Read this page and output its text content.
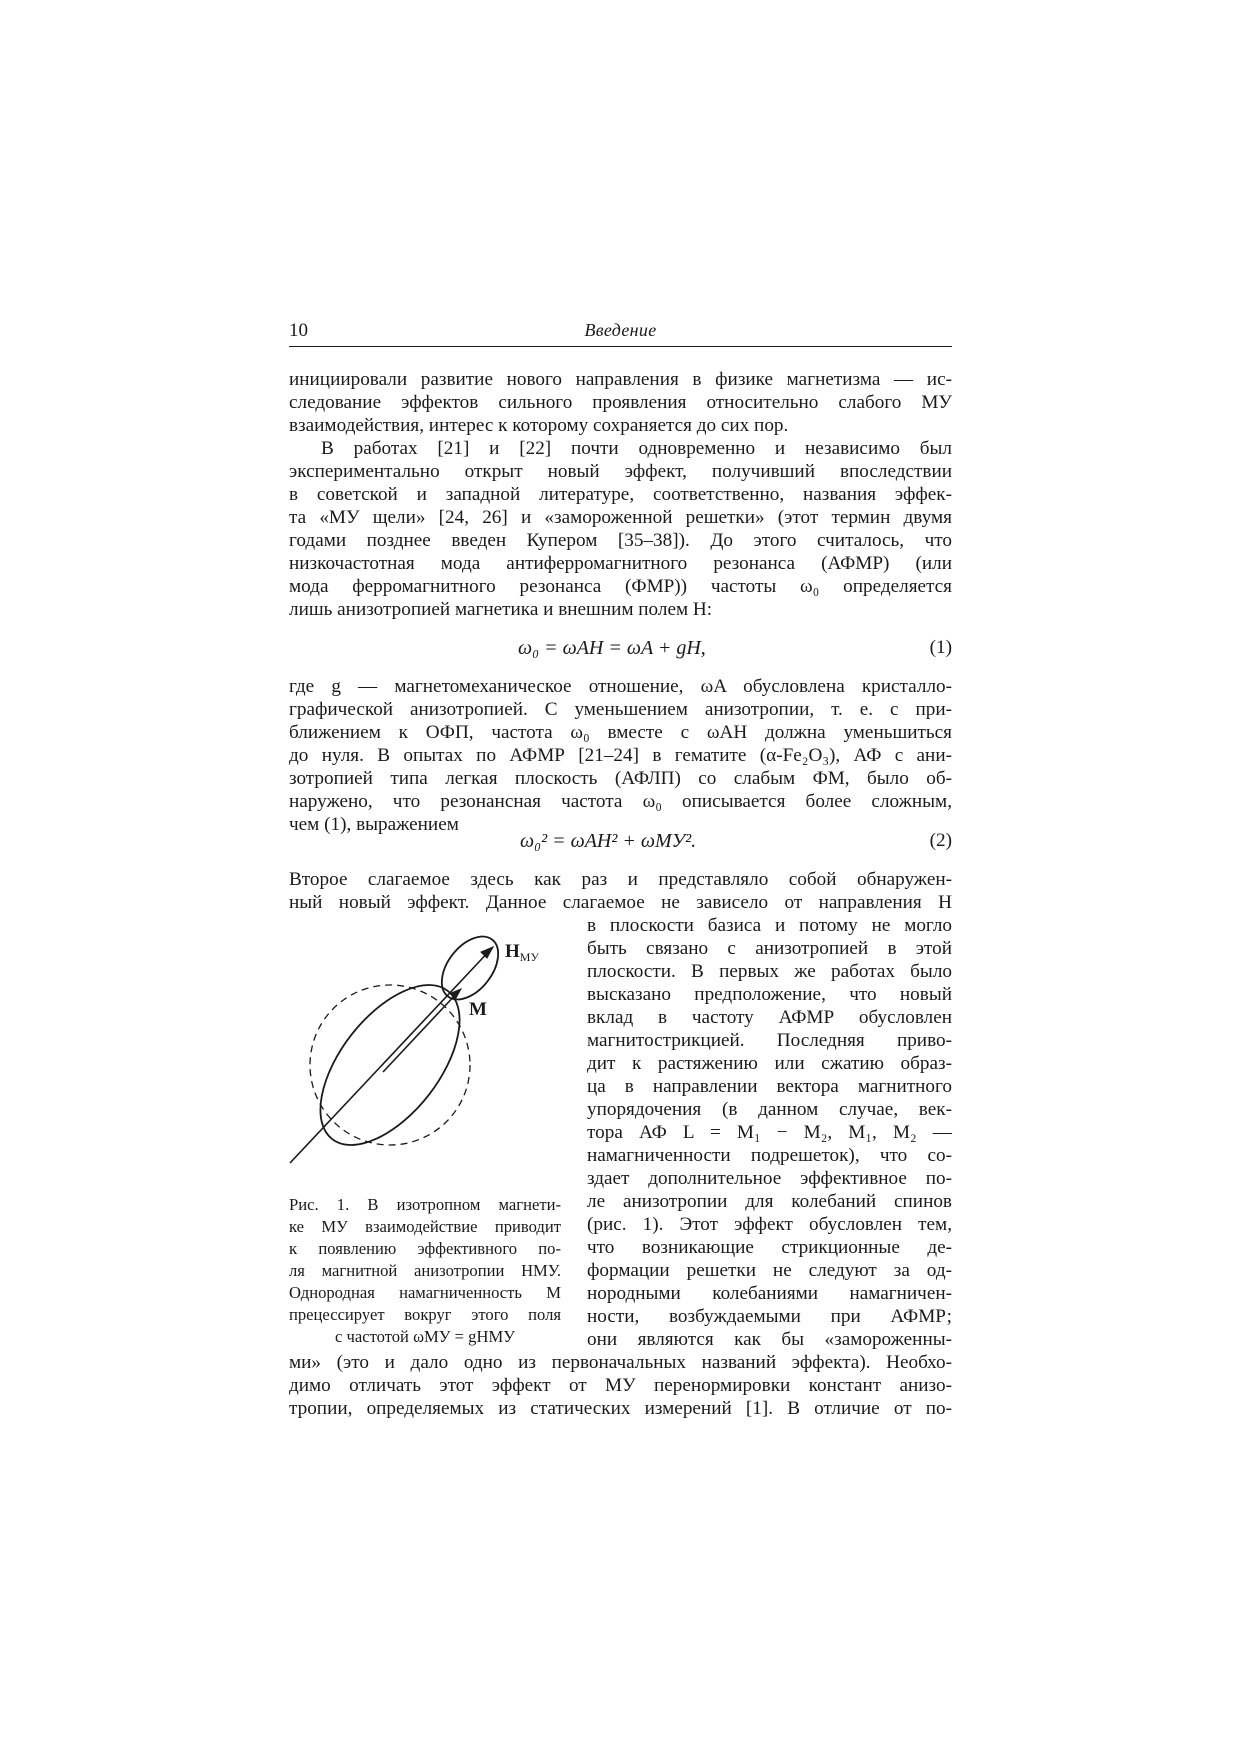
10	Введение
инициировали развитие нового направления в физике магнетизма — ис-
следование эффектов сильного проявления относительно слабого МУ
взаимодействия, интерес к которому сохраняется до сих пор.
В работах [21] и [22] почти одновременно и независимо был
экспериментально открыт новый эффект, получивший впоследствии
в советской и западной литературе, соответственно, названия эффек-
та «МУ щели» [24, 26] и «замороженной решетки» (этот термин двумя
годами позднее введен Купером [35–38]). До этого считалось, что
низкочастотная мода антиферромагнитного резонанса (АФМР) (или
мода ферромагнитного резонанса (ФМР)) частоты ω₀ определяется
лишь анизотропией магнетика и внешним полем H:
ω₀ = ωAH = ωA + gH,	(1)
где g — магнетомеханическое отношение, ωA обусловлена кристалло-
графической анизотропией. С уменьшением анизотропии, т. е. с при-
ближением к ОФП, частота ω₀ вместе с ωAH должна уменьшиться
до нуля. В опытах по АФМР [21–24] в гематите (α-Fe₂O₃), АФ с ани-
зотропией типа легкая плоскость (АФЛП) со слабым ФМ, было об-
наружено, что резонансная частота ω₀ описывается более сложным,
чем (1), выражением
ω₀² = ωAH² + ωМУ².	(2)
Второе слагаемое здесь как раз и представляло собой обнаружен-
ный новый эффект. Данное слагаемое не зависело от направления H
в плоскости базиса и потому не могло
быть связано с анизотропией в этой
плоскости. В первых же работах было
высказано предположение, что новый
вклад в частоту АФМР обусловлен
магнитострикцией. Последняя приво-
дит к растяжению или сжатию образ-
ца в направлении вектора магнитного
упорядочения (в данном случае, век-
тора АФ L = M₁ − M₂, M₁, M₂ —
намагниченности подрешеток), что со-
здает дополнительное эффективное по-
ле анизотропии для колебаний спинов
(рис. 1). Этот эффект обусловлен тем,
что возникающие стрикционные де-
формации решетки не следуют за од-
нородными колебаниями намагничен-
ности, возбуждаемыми при АФМР;
они являются как бы «замороженны-
ми» (это и дало одно из первоначальных названий эффекта). Необхо-
димо отличать этот эффект от МУ перенормировки констант анизо-
тропии, определяемых из статических измерений [1]. В отличие от по-
$H_{МУ}$
M
Рис. 1. В изотропном магнети-
ке МУ взаимодействие приводит
к появлению эффективного по-
ля магнитной анизотропии HМУ.
Однородная намагниченность M
прецессирует вокруг этого поля
с частотой ωМУ = gHМУ
